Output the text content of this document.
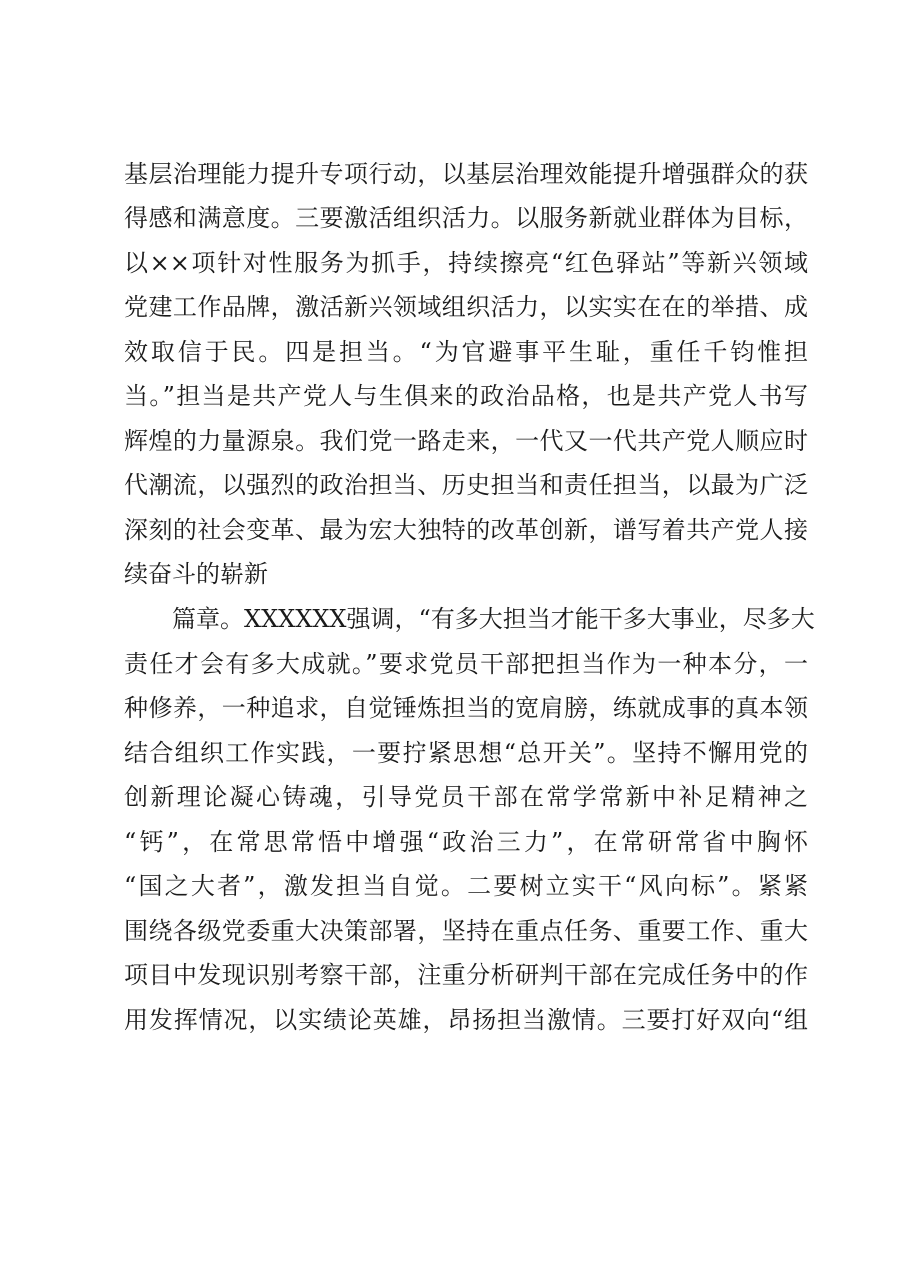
基层治理能力提升专项行动，以基层治理效能提升增强群众的获
得感和满意度。三要激活组织活力。以服务新就业群体为目标，
以××项针对性服务为抓手，持续擦亮“红色驿站”等新兴领域
党建工作品牌，激活新兴领域组织活力，以实实在在的举措、成
效取信于民。四是担当。“为官避事平生耻，重任千钧惟担
当。”担当是共产党人与生俱来的政治品格，也是共产党人书写
辉煌的力量源泉。我们党一路走来，一代又一代共产党人顺应时
代潮流，以强烈的政治担当、历史担当和责任担当，以最为广泛
深刻的社会变革、最为宏大独特的改革创新，谱写着共产党人接
续奋斗的崭新
篇章。XXXXXX强调，“有多大担当才能干多大事业，尽多大
责任才会有多大成就。”要求党员干部把担当作为一种本分，一
种修养，一种追求，自觉锤炼担当的宽肩膀，练就成事的真本领
结合组织工作实践，一要拧紧思想“总开关”。坚持不懈用党的
创新理论凝心铸魂，引导党员干部在常学常新中补足精神之
“钙”，在常思常悟中增强“政治三力”，在常研常省中胸怀
“国之大者”，激发担当自觉。二要树立实干“风向标”。紧紧
围绕各级党委重大决策部署，坚持在重点任务、重要工作、重大
项目中发现识别考察干部，注重分析研判干部在完成任务中的作
用发挥情况，以实绩论英雄，昂扬担当激情。三要打好双向“组
